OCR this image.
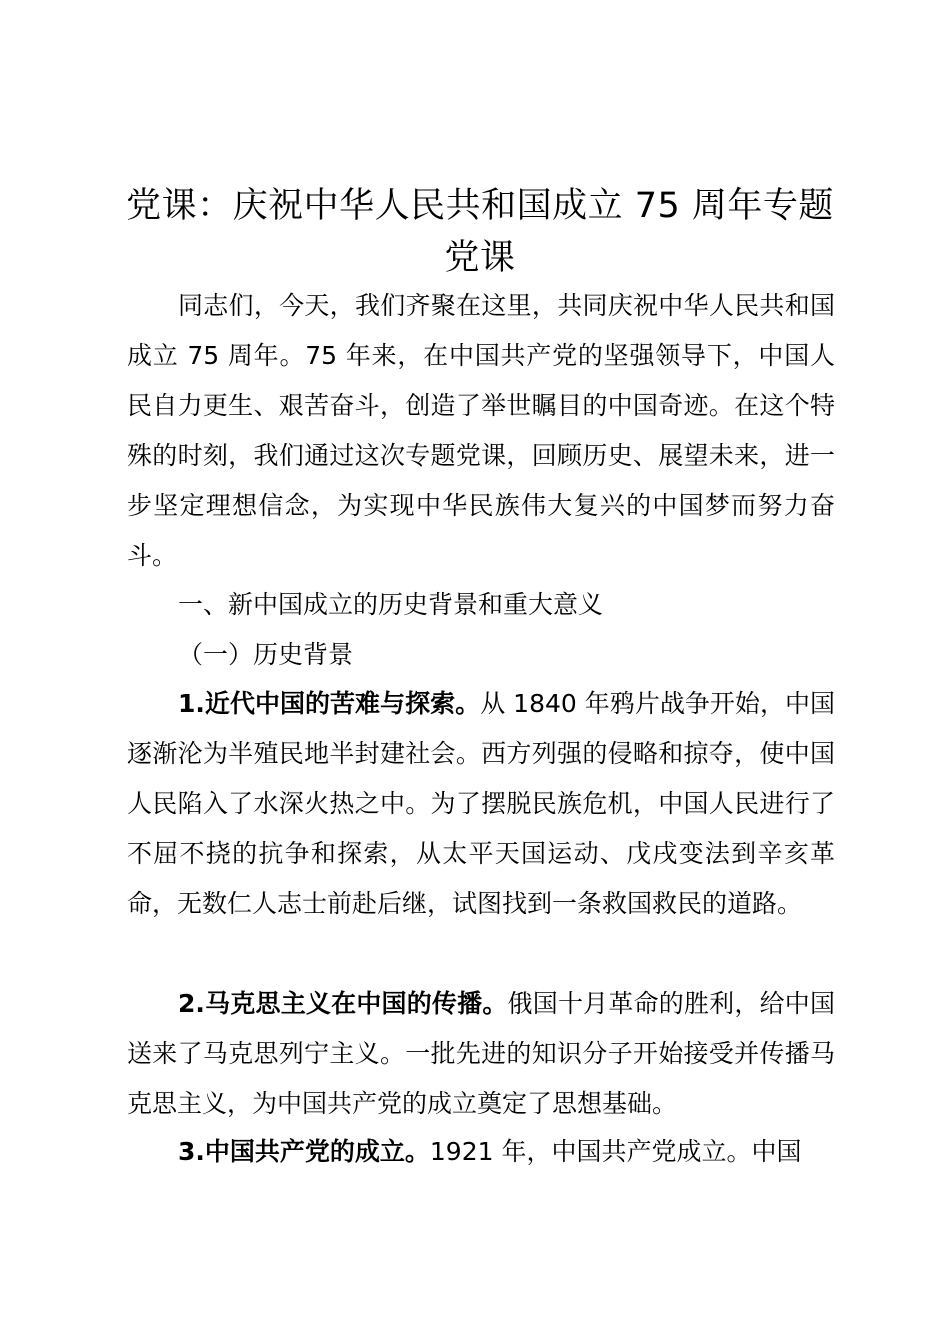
党课：庆祝中华人民共和国成立 75 周年专题
党课
同志们，今天，我们齐聚在这里，共同庆祝中华人民共和国成立 75 周年。75 年来，在中国共产党的坚强领导下，中国人民自力更生、艰苦奋斗，创造了举世瞩目的中国奇迹。在这个特殊的时刻，我们通过这次专题党课，回顾历史、展望未来，进一步坚定理想信念，为实现中华民族伟大复兴的中国梦而努力奋斗。
一、新中国成立的历史背景和重大意义
（一）历史背景
1.近代中国的苦难与探索。从 1840 年鸦片战争开始，中国逐渐沦为半殖民地半封建社会。西方列强的侵略和掠夺，使中国人民陷入了水深火热之中。为了摆脱民族危机，中国人民进行了不屈不挠的抗争和探索，从太平天国运动、戊戌变法到辛亥革命，无数仁人志士前赴后继，试图找到一条救国救民的道路。
2.马克思主义在中国的传播。俄国十月革命的胜利，给中国送来了马克思列宁主义。一批先进的知识分子开始接受并传播马克思主义，为中国共产党的成立奠定了思想基础。
3.中国共产党的成立。1921 年，中国共产党成立。中国
